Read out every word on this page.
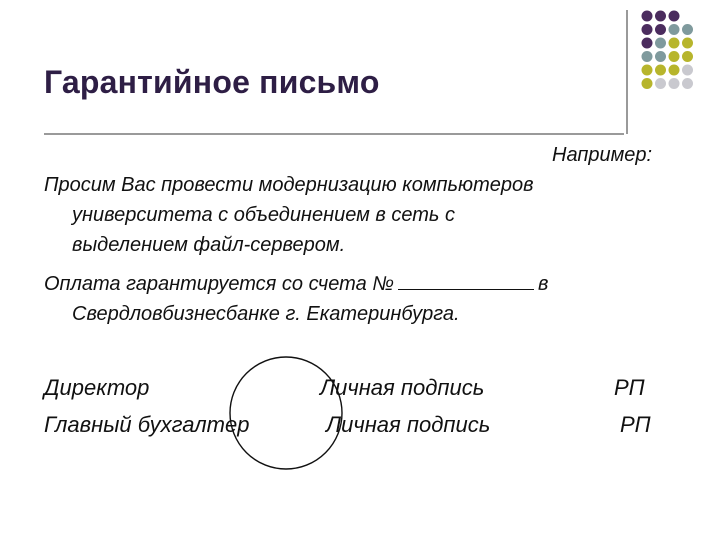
Гарантийное письмо

Например:

Просим Вас провести модернизацию компьютеров

университета с объединением в сеть с

выделением файл-сервером.

Оплата гарантируется со счета №	в

Свердловбизнесбанке г. Екатеринбурга.

Директор	Личная подпись	РП

Главный бухгалтер	Личная подпись	РП
